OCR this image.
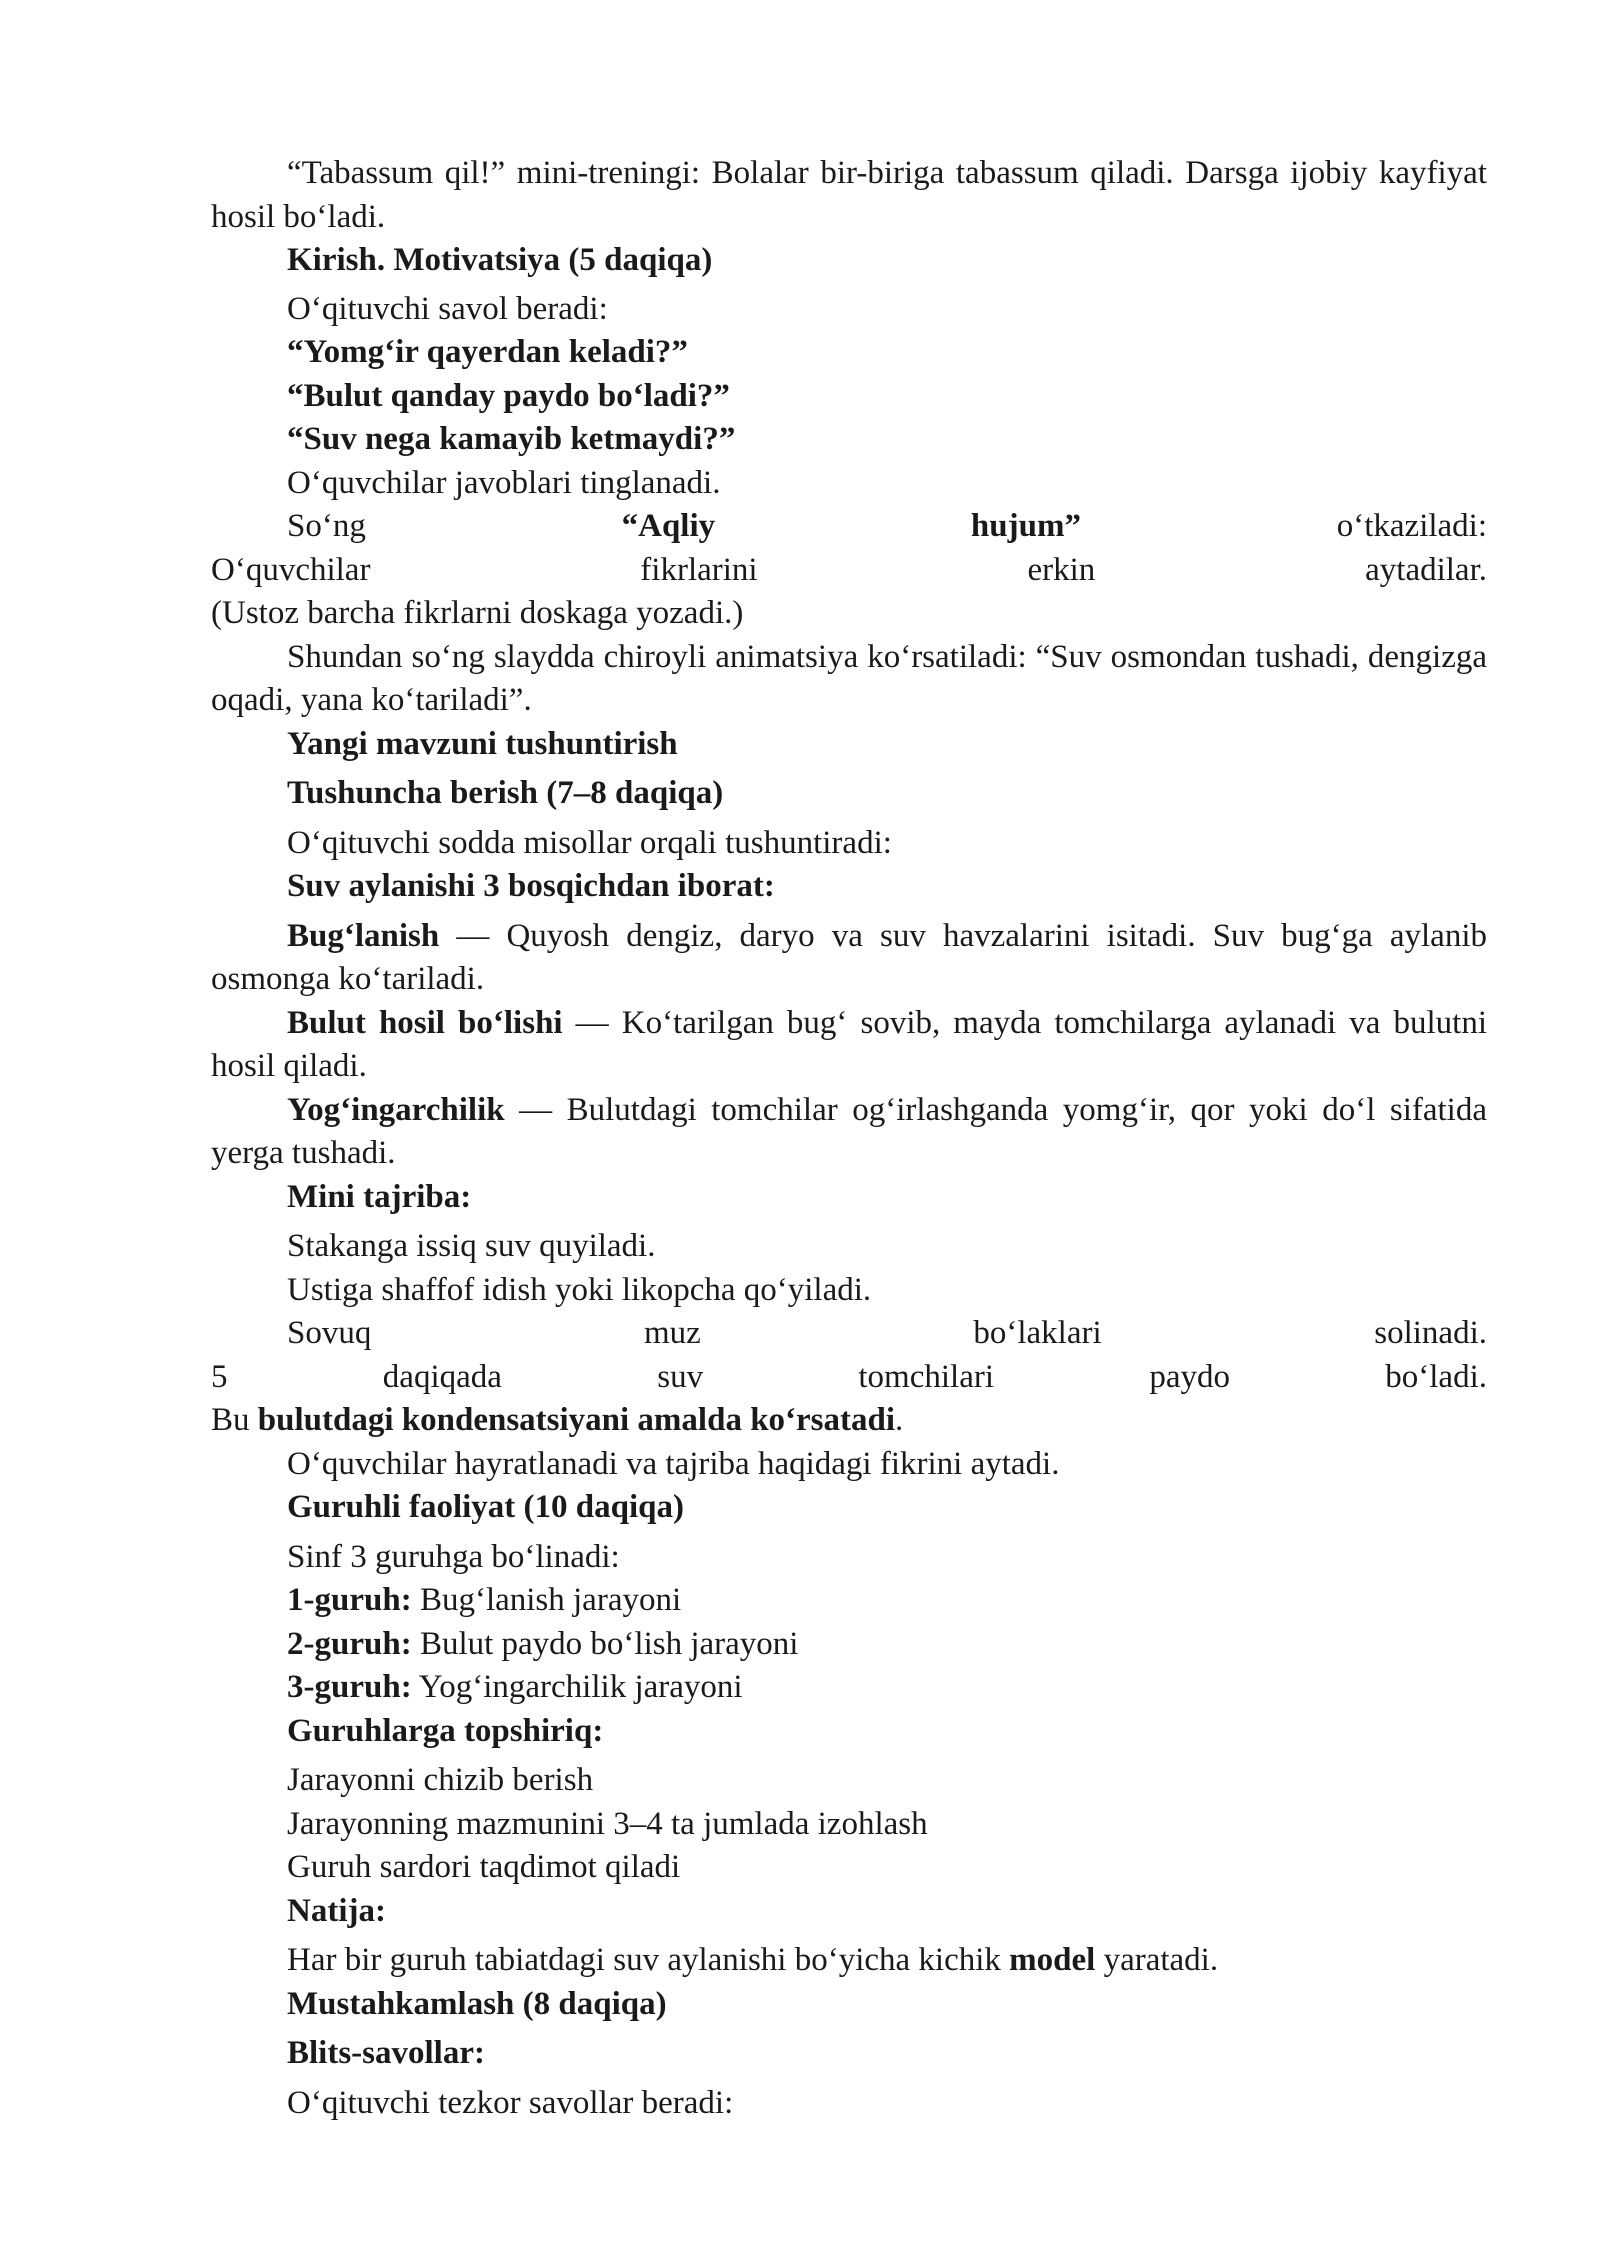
“Tabassum qil!” mini-treningi: Bolalar bir-biriga tabassum qiladi. Darsga ijobiy kayfiyat hosil bo‘ladi.

Kirish. Motivatsiya (5 daqiqa)

O‘qituvchi savol beradi:

“Yomg‘ir qayerdan keladi?”

“Bulut qanday paydo bo‘ladi?”

“Suv nega kamayib ketmaydi?”

O‘quvchilar javoblari tinglanadi.

So‘ng “Aqliy hujum” o‘tkaziladi:

O‘quvchilar fikrlarini erkin aytadilar.

(Ustoz barcha fikrlarni doskaga yozadi.)

Shundan so‘ng slaydda chiroyli animatsiya ko‘rsatiladi: “Suv osmondan tushadi, dengizga oqadi, yana ko‘tariladi”.

Yangi mavzuni tushuntirish

Tushuncha berish (7–8 daqiqa)

O‘qituvchi sodda misollar orqali tushuntiradi:

Suv aylanishi 3 bosqichdan iborat:

Bug‘lanish — Quyosh dengiz, daryo va suv havzalarini isitadi. Suv bug‘ga aylanib osmonga ko‘tariladi.

Bulut hosil bo‘lishi — Ko‘tarilgan bug‘ sovib, mayda tomchilarga aylanadi va bulutni hosil qiladi.

Yog‘ingarchilik — Bulutdagi tomchilar og‘irlashganda yomg‘ir, qor yoki do‘l sifatida yerga tushadi.

Mini tajriba:

Stakanga issiq suv quyiladi.

Ustiga shaffof idish yoki likopcha qo‘yiladi.

Sovuq muz bo‘laklari solinadi.

5 daqiqada suv tomchilari paydo bo‘ladi.

Bu bulutdagi kondensatsiyani amalda ko‘rsatadi.

O‘quvchilar hayratlanadi va tajriba haqidagi fikrini aytadi.

Guruhli faoliyat (10 daqiqa)

Sinf 3 guruhga bo‘linadi:

1-guruh: Bug‘lanish jarayoni

2-guruh: Bulut paydo bo‘lish jarayoni

3-guruh: Yog‘ingarchilik jarayoni

Guruhlarga topshiriq:

Jarayonni chizib berish

Jarayonning mazmunini 3–4 ta jumlada izohlash

Guruh sardori taqdimot qiladi

Natija:

Har bir guruh tabiatdagi suv aylanishi bo‘yicha kichik model yaratadi.

Mustahkamlash (8 daqiqa)

Blits-savollar:

O‘qituvchi tezkor savollar beradi:
